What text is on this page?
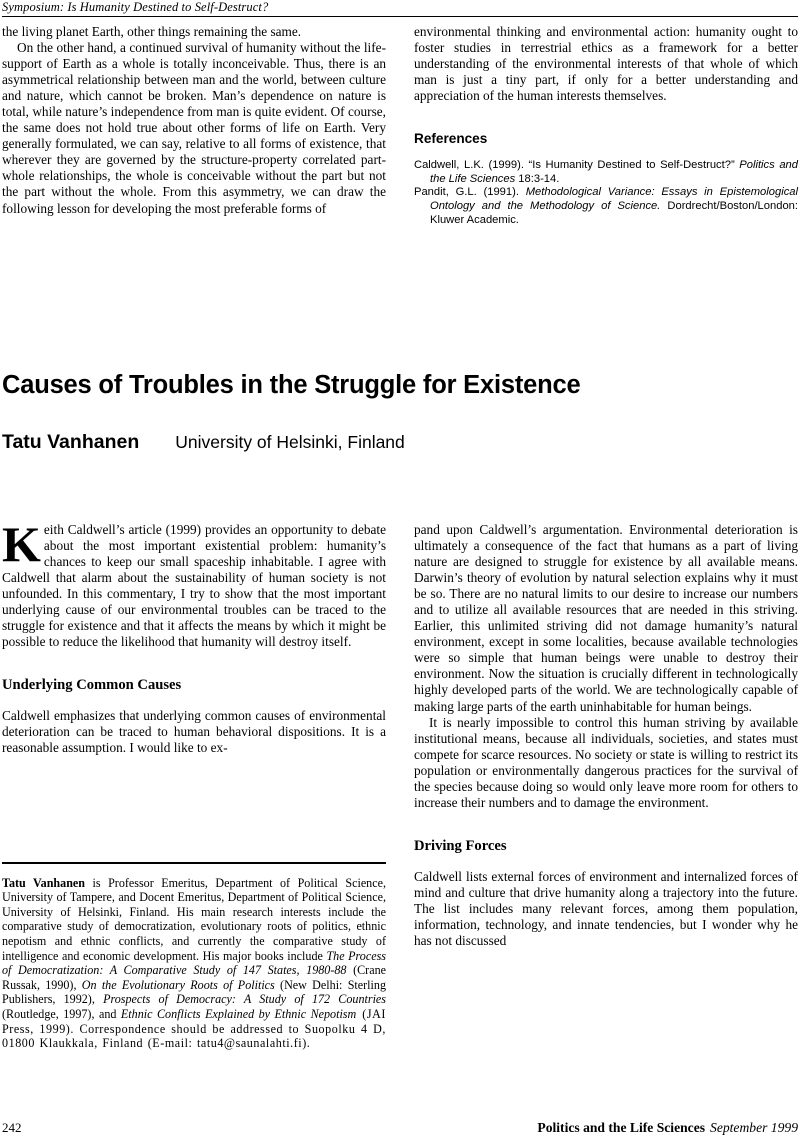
Symposium: Is Humanity Destined to Self-Destruct?

the living planet Earth, other things remaining the same.

On the other hand, a continued survival of humanity without the life-support of Earth as a whole is totally inconceivable. Thus, there is an asymmetrical relationship between man and the world, between culture and nature, which cannot be broken. Man’s dependence on nature is total, while nature’s independence from man is quite evident. Of course, the same does not hold true about other forms of life on Earth. Very generally formulated, we can say, relative to all forms of existence, that wherever they are governed by the structure-property correlated part-whole relationships, the whole is conceivable without the part but not the part without the whole. From this asymmetry, we can draw the following lesson for developing the most preferable forms of

environmental thinking and environmental action: humanity ought to foster studies in terrestrial ethics as a framework for a better understanding of the environmental interests of that whole of which man is just a tiny part, if only for a better understanding and appreciation of the human interests themselves.

References

Caldwell, L.K. (1999). “Is Humanity Destined to Self-Destruct?” Politics and the Life Sciences 18:3-14.

Pandit, G.L. (1991). Methodological Variance: Essays in Epistemological Ontology and the Methodology of Science. Dordrecht/Boston/London: Kluwer Academic.

Causes of Troubles in the Struggle for Existence
Tatu Vanhanen University of Helsinki, Finland

Keith Caldwell’s article (1999) provides an opportunity to debate about the most important existential problem: humanity’s chances to keep our small spaceship inhabitable. I agree with Caldwell that alarm about the sustainability of human society is not unfounded. In this commentary, I try to show that the most important underlying cause of our environmental troubles can be traced to the struggle for existence and that it affects the means by which it might be possible to reduce the likelihood that humanity will destroy itself.

Underlying Common Causes

Caldwell emphasizes that underlying common causes of environmental deterioration can be traced to human behavioral dispositions. It is a reasonable assumption. I would like to ex-

pand upon Caldwell’s argumentation. Environmental deterioration is ultimately a consequence of the fact that humans as a part of living nature are designed to struggle for existence by all available means. Darwin’s theory of evolution by natural selection explains why it must be so. There are no natural limits to our desire to increase our numbers and to utilize all available resources that are needed in this striving. Earlier, this unlimited striving did not damage humanity’s natural environment, except in some localities, because available technologies were so simple that human beings were unable to destroy their environment. Now the situation is crucially different in technologically highly developed parts of the world. We are technologically capable of making large parts of the earth uninhabitable for human beings.

It is nearly impossible to control this human striving by available institutional means, because all individuals, societies, and states must compete for scarce resources. No society or state is willing to restrict its population or environmentally dangerous practices for the survival of the species because doing so would only leave more room for others to increase their numbers and to damage the environment.

Driving Forces

Caldwell lists external forces of environment and internalized forces of mind and culture that drive humanity along a trajectory into the future. The list includes many relevant forces, among them population, information, technology, and innate tendencies, but I wonder why he has not discussed

Tatu Vanhanen is Professor Emeritus, Department of Political Science, University of Tampere, and Docent Emeritus, Department of Political Science, University of Helsinki, Finland. His main research interests include the comparative study of democratization, evolutionary roots of politics, ethnic nepotism and ethnic conflicts, and currently the comparative study of intelligence and economic development. His major books include The Process of Democratization: A Comparative Study of 147 States, 1980-88 (Crane Russak, 1990), On the Evolutionary Roots of Politics (New Delhi: Sterling Publishers, 1992), Prospects of Democracy: A Study of 172 Countries (Routledge, 1997), and Ethnic Conflicts Explained by Ethnic Nepotism (JAI Press, 1999). Correspondence should be addressed to Suopolku 4 D, 01800 Klaukkala, Finland (E-mail: tatu4@saunalahti.fi).

242	Politics and the Life Sciences September 1999
